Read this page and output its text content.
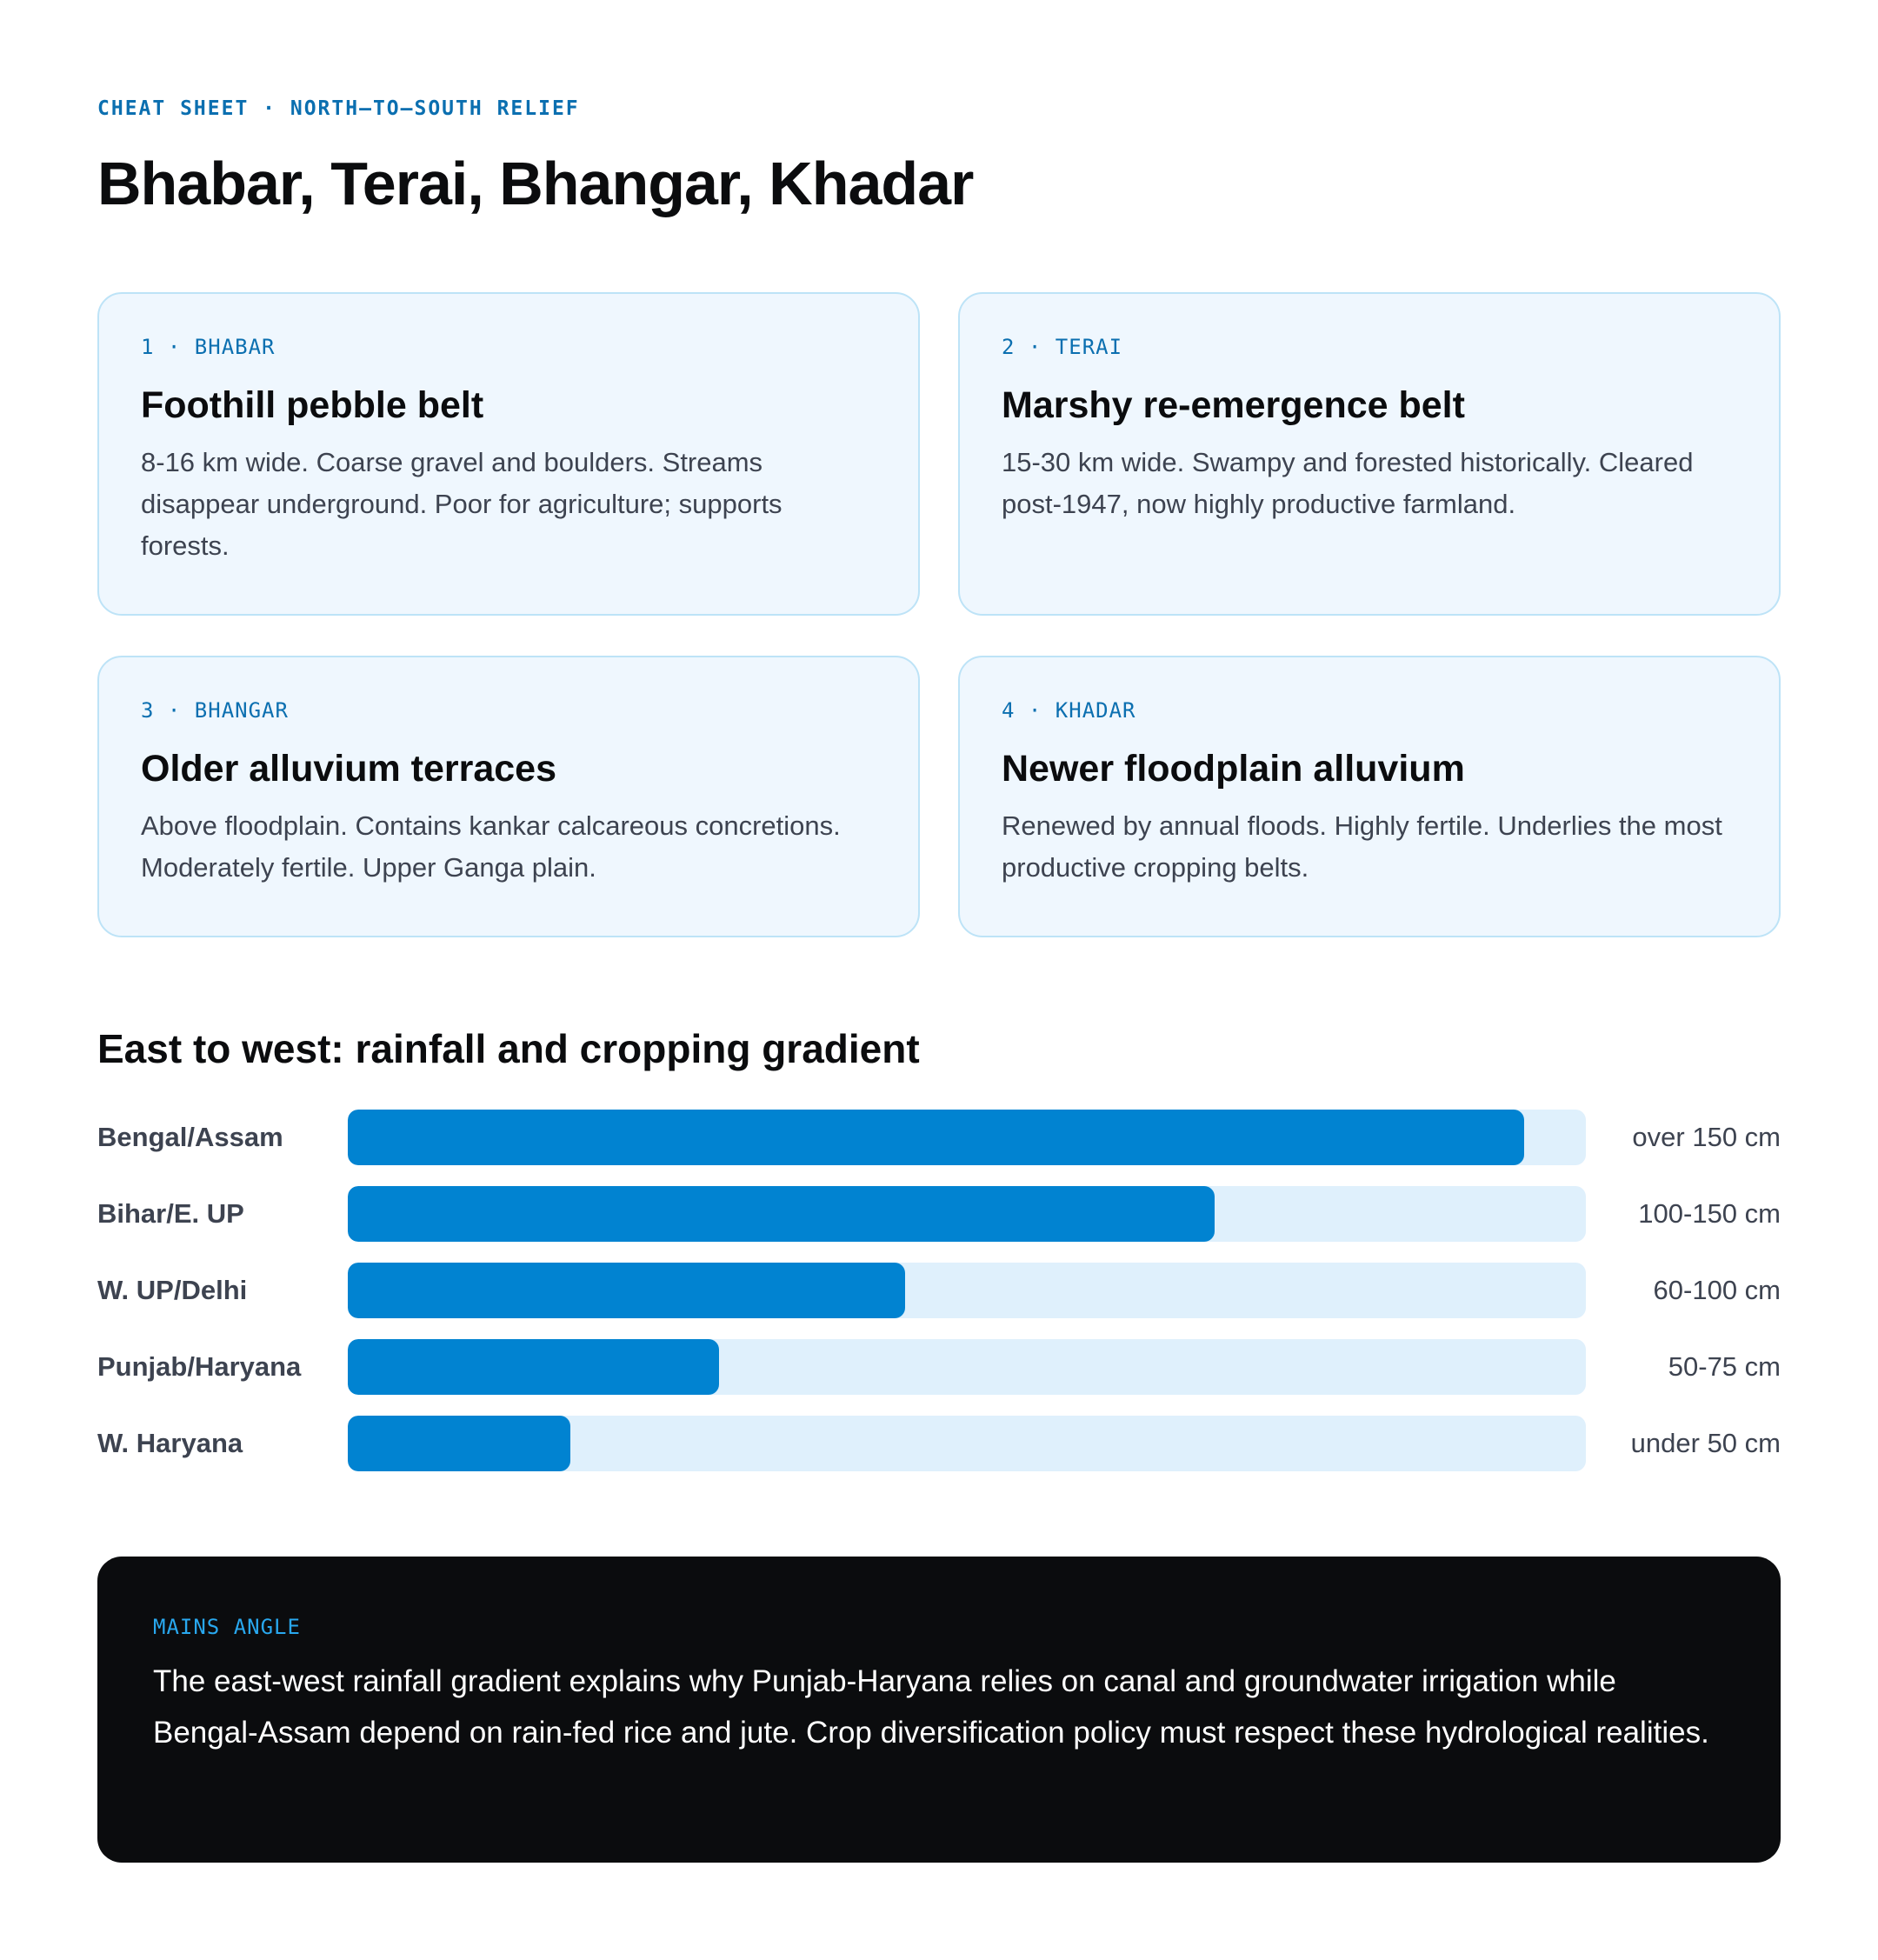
CHEAT SHEET · NORTH–TO–SOUTH RELIEF
Bhabar, Terai, Bhangar, Khadar
1 · BHABAR
Foothill pebble belt
8-16 km wide. Coarse gravel and boulders. Streams disappear underground. Poor for agriculture; supports forests.
2 · TERAI
Marshy re-emergence belt
15-30 km wide. Swampy and forested historically. Cleared post-1947, now highly productive farmland.
3 · BHANGAR
Older alluvium terraces
Above floodplain. Contains kankar calcareous concretions. Moderately fertile. Upper Ganga plain.
4 · KHADAR
Newer floodplain alluvium
Renewed by annual floods. Highly fertile. Underlies the most productive cropping belts.
East to west: rainfall and cropping gradient
Bengal/Assam	over 150 cm
Bihar/E. UP	100-150 cm
W. UP/Delhi	60-100 cm
Punjab/Haryana	50-75 cm
W. Haryana	under 50 cm
MAINS ANGLE
The east-west rainfall gradient explains why Punjab-Haryana relies on canal and groundwater irrigation while Bengal-Assam depend on rain-fed rice and jute. Crop diversification policy must respect these hydrological realities.
